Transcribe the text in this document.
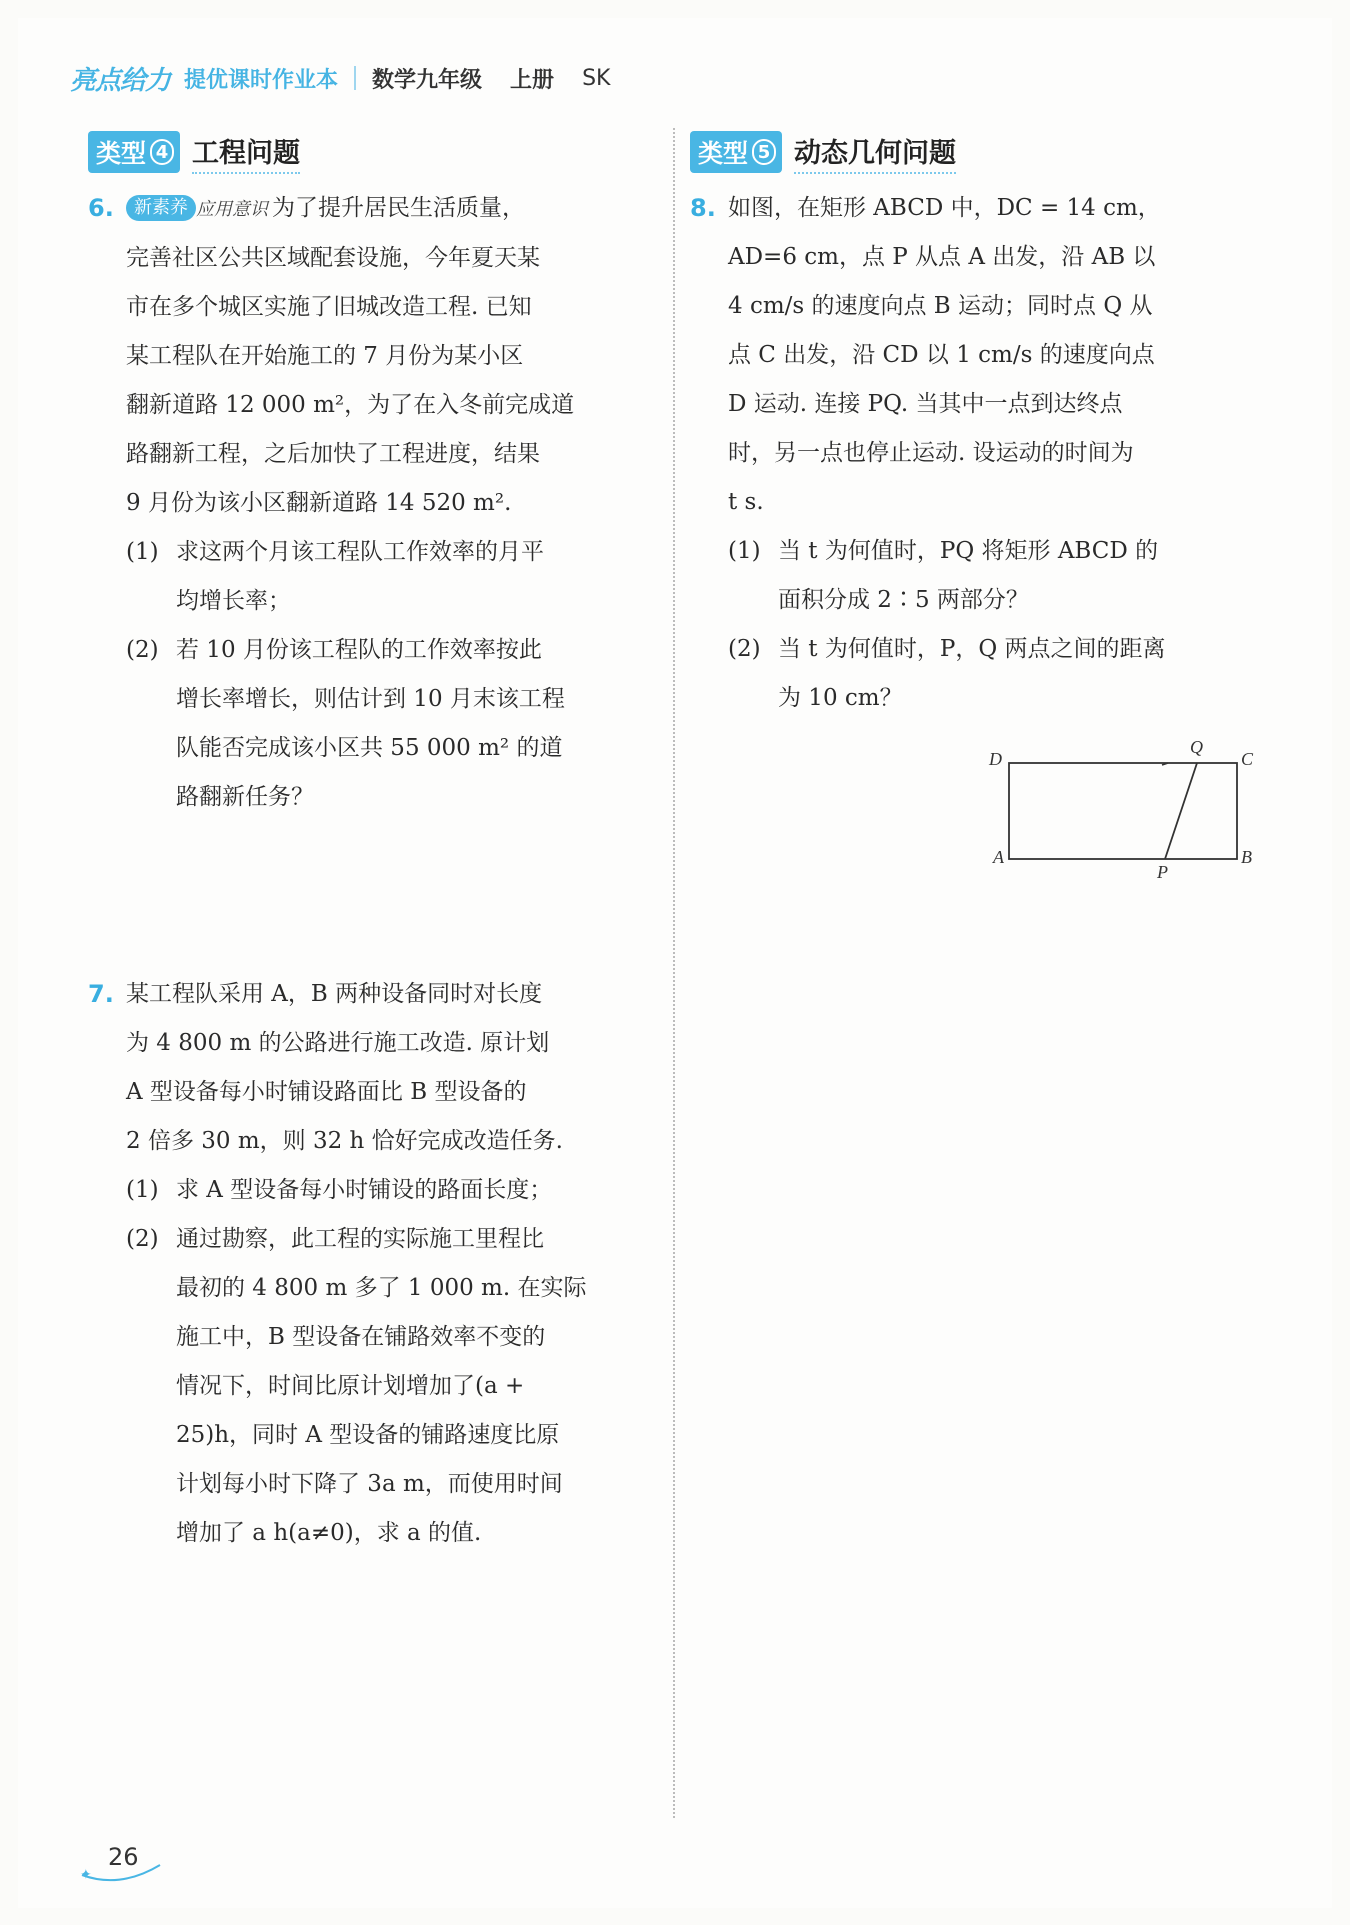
亮点给力 提优课时作业本 数学九年级 上册 SK
类型 4 工程问题
6.	新素养 应用意识 为了提升居民生活质量，
完善社区公共区域配套设施，今年夏天某
市在多个城区实施了旧城改造工程. 已知
某工程队在开始施工的 7 月份为某小区
翻新道路 12 000 m²，为了在入冬前完成道
路翻新工程，之后加快了工程进度，结果
9 月份为该小区翻新道路 14 520 m².
(1) 求这两个月该工程队工作效率的月平
均增长率；
(2) 若 10 月份该工程队的工作效率按此
增长率增长，则估计到 10 月末该工程
队能否完成该小区共 55 000 m² 的道
路翻新任务？
7. 某工程队采用 A，B 两种设备同时对长度
为 4 800 m 的公路进行施工改造. 原计划
A 型设备每小时铺设路面比 B 型设备的
2 倍多 30 m，则 32 h 恰好完成改造任务.
(1) 求 A 型设备每小时铺设的路面长度；
(2) 通过勘察，此工程的实际施工里程比
最初的 4 800 m 多了 1 000 m. 在实际
施工中，B 型设备在铺路效率不变的
情况下，时间比原计划增加了(a +
25)h，同时 A 型设备的铺路速度比原
计划每小时下降了 3a m，而使用时间
增加了 a h(a≠0)，求 a 的值.
类型 5 动态几何问题
8. 如图，在矩形 ABCD 中，DC = 14 cm，
AD=6 cm，点 P 从点 A 出发，沿 AB 以
4 cm/s 的速度向点 B 运动；同时点 Q 从
点 C 出发，沿 CD 以 1 cm/s 的速度向点
D 运动. 连接 PQ. 当其中一点到达终点
时，另一点也停止运动. 设运动的时间为
t s.
(1) 当 t 为何值时，PQ 将矩形 ABCD 的
面积分成 2∶5 两部分？
(2) 当 t 为何值时，P，Q 两点之间的距离
为 10 cm？
D
Q
C
A
P
B
✦
26
